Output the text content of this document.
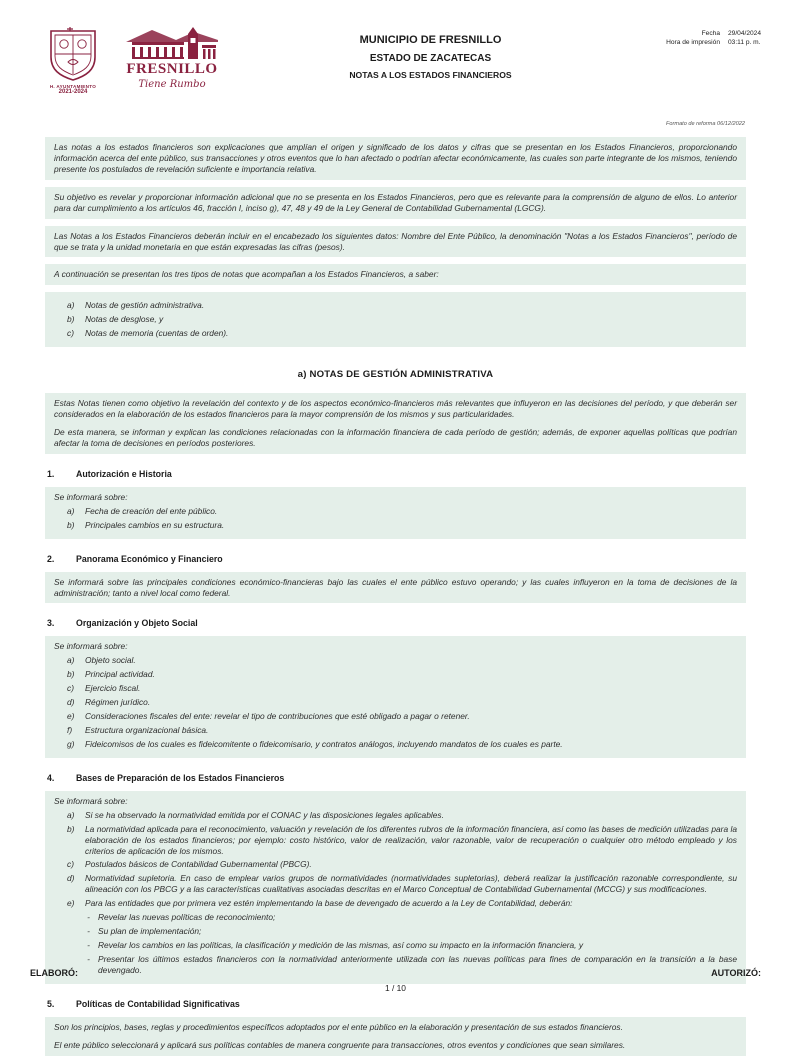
H. AYUNTAMIENTO
2021-2024
FRESNILLO
Tiene Rumbo
MUNICIPIO DE FRESNILLO
ESTADO DE ZACATECAS
NOTAS A LOS ESTADOS FINANCIEROS
Fecha 29/04/2024
Hora de impresión 03:11 p. m.
Formato de reforma 06/12/2022
Las notas a los estados financieros son explicaciones que amplían el origen y significado de los datos y cifras que se presentan en los Estados Financieros, proporcionando información acerca del ente público, sus transacciones y otros eventos que lo han afectado o podrían afectar económicamente, las cuales son parte integrante de los mismos, teniendo presente los postulados de revelación suficiente e importancia relativa.
Su objetivo es revelar y proporcionar información adicional que no se presenta en los Estados Financieros, pero que es relevante para la comprensión de alguno de ellos. Lo anterior para dar cumplimiento a los artículos 46, fracción I, inciso g), 47, 48 y 49 de la Ley General de Contabilidad Gubernamental (LGCG).
Las Notas a los Estados Financieros deberán incluir en el encabezado los siguientes datos: Nombre del Ente Público, la denominación "Notas a los Estados Financieros", período de que se trata y la unidad monetaria en que están expresadas las cifras (pesos).
A continuación se presentan los tres tipos de notas que acompañan a los Estados Financieros, a saber:
a)	Notas de gestión administrativa.
b)	Notas de desglose, y
c)	Notas de memoria (cuentas de orden).
a) NOTAS DE GESTIÓN ADMINISTRATIVA

Estas Notas tienen como objetivo la revelación del contexto y de los aspectos económico-financieros más relevantes que influyeron en las decisiones del período, y que deberán ser considerados en la elaboración de los estados financieros para la mayor comprensión de los mismos y sus particularidades.

De esta manera, se informan y explican las condiciones relacionadas con la información financiera de cada período de gestión; además, de exponer aquellas políticas que podrían afectar la toma de decisiones en períodos posteriores.

1.	Autorización e Historia
Se informará sobre:
a)	Fecha de creación del ente público.
b)	Principales cambios en su estructura.
2.	Panorama Económico y Financiero
Se informará sobre las principales condiciones económico-financieras bajo las cuales el ente público estuvo operando; y las cuales influyeron en la toma de decisiones de la administración; tanto a nivel local como federal.
3.	Organización y Objeto Social
Se informará sobre:
a)	Objeto social.
b)	Principal actividad.
c)	Ejercicio fiscal.
d)	Régimen jurídico.
e)	Consideraciones fiscales del ente: revelar el tipo de contribuciones que esté obligado a pagar o retener.
f)	Estructura organizacional básica.
g)	Fideicomisos de los cuales es fideicomitente o fideicomisario, y contratos análogos, incluyendo mandatos de los cuales es parte.
4.	Bases de Preparación de los Estados Financieros
Se informará sobre:
a)	Si se ha observado la normatividad emitida por el CONAC y las disposiciones legales aplicables.
b)	La normatividad aplicada para el reconocimiento, valuación y revelación de los diferentes rubros de la información financiera, así como las bases de medición utilizadas para la elaboración de los estados financieros; por ejemplo: costo histórico, valor de realización, valor razonable, valor de recuperación o cualquier otro método empleado y los criterios de aplicación de los mismos.
c)	Postulados básicos de Contabilidad Gubernamental (PBCG).
d)	Normatividad supletoria. En caso de emplear varios grupos de normatividades (normatividades supletorias), deberá realizar la justificación razonable correspondiente, su alineación con los PBCG y a las características cualitativas asociadas descritas en el Marco Conceptual de Contabilidad Gubernamental (MCCG) y sus modificaciones.
e)	Para las entidades que por primera vez estén implementando la base de devengado de acuerdo a la Ley de Contabilidad, deberán:
- Revelar las nuevas políticas de reconocimiento;
- Su plan de implementación;
- Revelar los cambios en las políticas, la clasificación y medición de las mismas, así como su impacto en la información financiera, y
- Presentar los últimos estados financieros con la normatividad anteriormente utilizada con las nuevas políticas para fines de comparación en la transición a la base devengado.
5.	Políticas de Contabilidad Significativas

Son los principios, bases, reglas y procedimientos específicos adoptados por el ente público en la elaboración y presentación de sus estados financieros.

El ente público seleccionará y aplicará sus políticas contables de manera congruente para transacciones, otros eventos y condiciones que sean similares.

ELABORÓ:	AUTORIZÓ:
1 / 10
